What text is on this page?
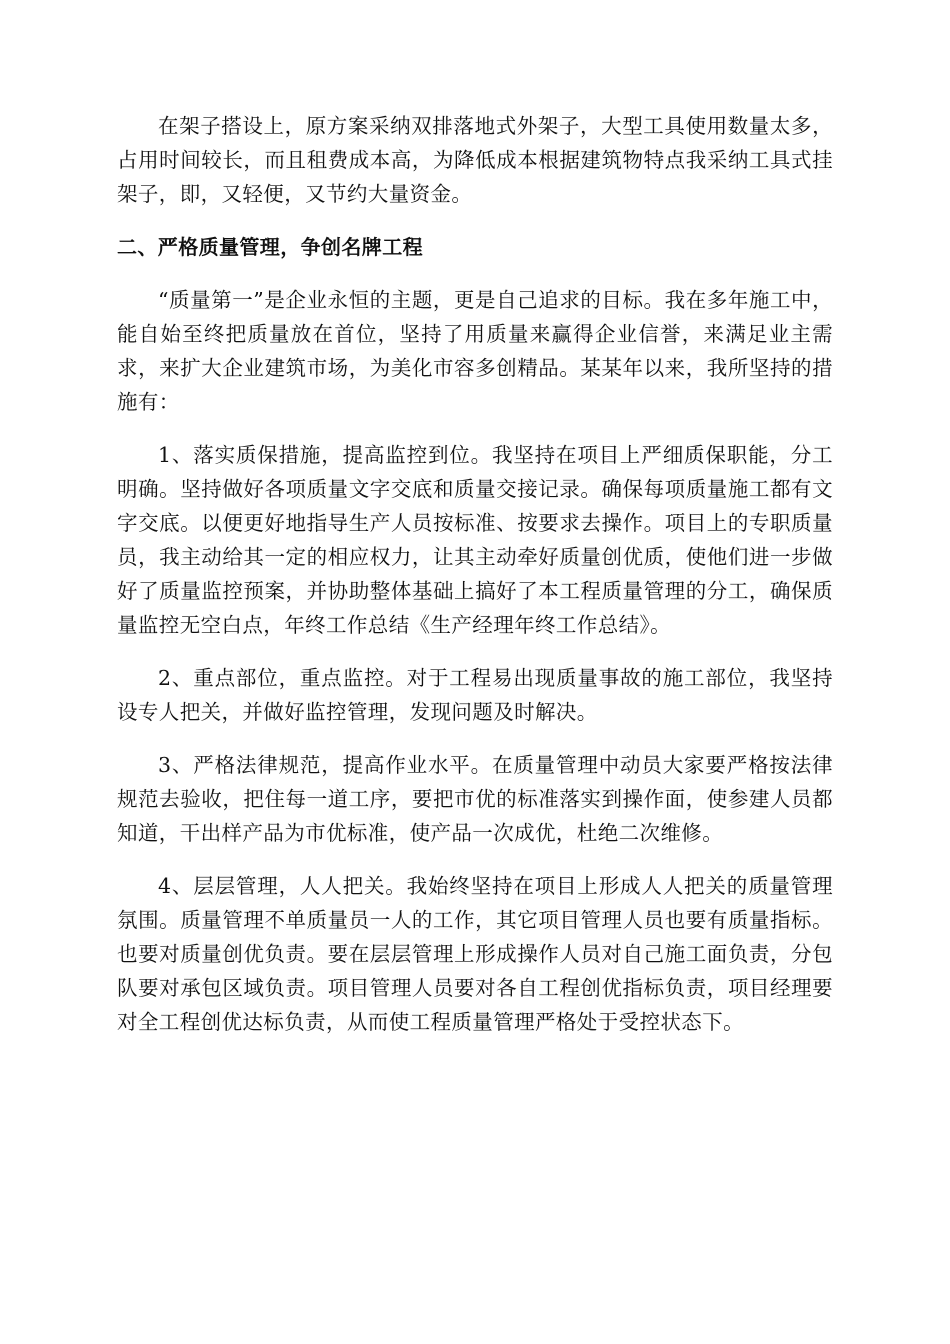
在架子搭设上，原方案采纳双排落地式外架子，大型工具使用数量太多，占用时间较长，而且租费成本高，为降低成本根据建筑物特点我采纳工具式挂架子，即，又轻便，又节约大量资金。

二、严格质量管理，争创名牌工程

“质量第一”是企业永恒的主题，更是自己追求的目标。我在多年施工中，能自始至终把质量放在首位，坚持了用质量来赢得企业信誉，来满足业主需求，来扩大企业建筑市场，为美化市容多创精品。某某年以来，我所坚持的措施有：

1、落实质保措施，提高监控到位。我坚持在项目上严细质保职能，分工明确。坚持做好各项质量文字交底和质量交接记录。确保每项质量施工都有文字交底。以便更好地指导生产人员按标准、按要求去操作。项目上的专职质量员，我主动给其一定的相应权力，让其主动牵好质量创优质，使他们进一步做好了质量监控预案，并协助整体基础上搞好了本工程质量管理的分工，确保质量监控无空白点，年终工作总结《生产经理年终工作总结》。

2、重点部位，重点监控。对于工程易出现质量事故的施工部位，我坚持设专人把关，并做好监控管理，发现问题及时解决。

3、严格法律规范，提高作业水平。在质量管理中动员大家要严格按法律规范去验收，把住每一道工序，要把市优的标准落实到操作面，使参建人员都知道，干出样产品为市优标准，使产品一次成优，杜绝二次维修。

4、层层管理，人人把关。我始终坚持在项目上形成人人把关的质量管理氛围。质量管理不单质量员一人的工作，其它项目管理人员也要有质量指标。也要对质量创优负责。要在层层管理上形成操作人员对自己施工面负责，分包队要对承包区域负责。项目管理人员要对各自工程创优指标负责，项目经理要对全工程创优达标负责，从而使工程质量管理严格处于受控状态下。
